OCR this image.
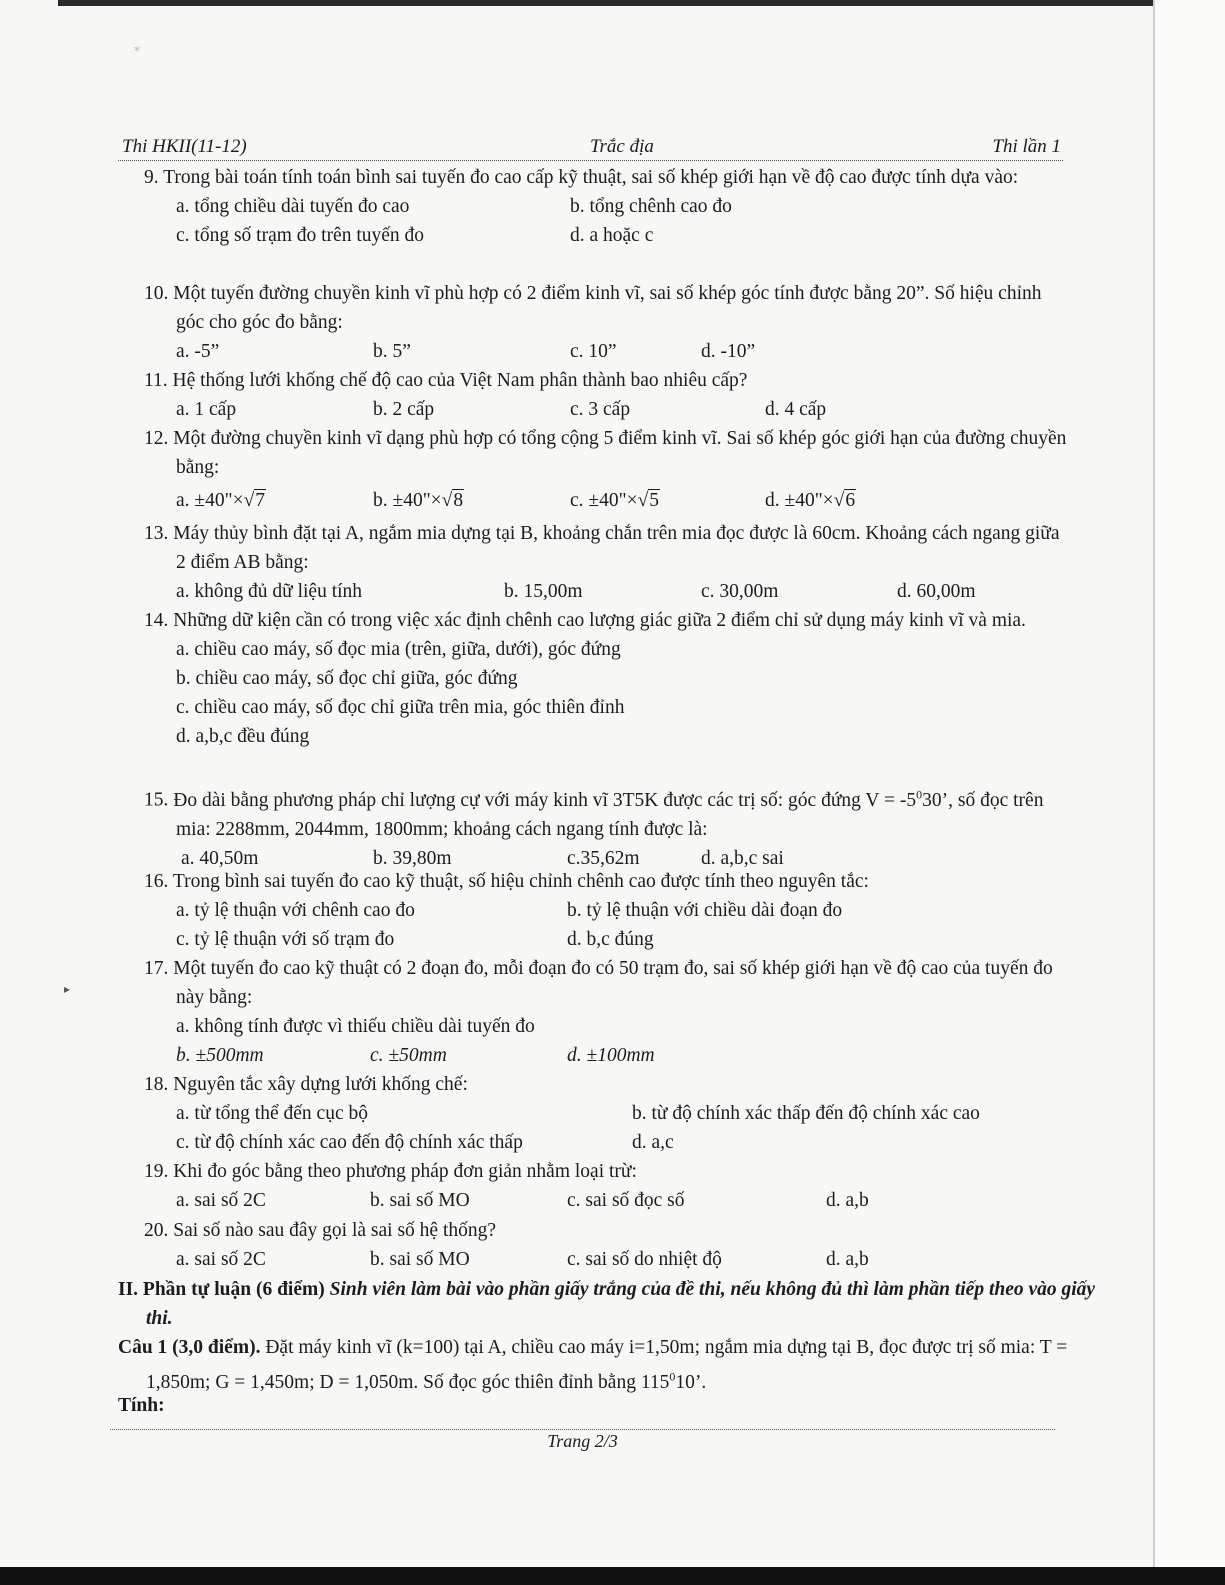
⁎
▸
Thi HKII(11-12)	Trắc địa	Thi lần 1
9. Trong bài toán tính toán bình sai tuyến đo cao cấp kỹ thuật, sai số khép giới hạn về độ cao được tính dựa vào:
a. tổng chiều dài tuyến đo cao	b. tổng chênh cao đo
c. tổng số trạm đo trên tuyến đo	d. a hoặc c
10. Một tuyến đường chuyền kinh vĩ phù hợp có 2 điểm kinh vĩ, sai số khép góc tính được bằng 20”. Số hiệu chỉnh góc cho góc đo bằng:
a. -5”	b. 5”	c. 10”	d. -10”
11. Hệ thống lưới khống chế độ cao của Việt Nam phân thành bao nhiêu cấp?
a. 1 cấp	b. 2 cấp	c. 3 cấp	d. 4 cấp
12. Một đường chuyền kinh vĩ dạng phù hợp có tổng cộng 5 điểm kinh vĩ. Sai số khép góc giới hạn của đường chuyền bằng:
a. ±40"×√7	b. ±40"×√8	c. ±40"×√5	d. ±40"×√6
13. Máy thủy bình đặt tại A, ngắm mia dựng tại B, khoảng chắn trên mia đọc được là 60cm. Khoảng cách ngang giữa 2 điểm AB bằng:
a. không đủ dữ liệu tính	b. 15,00m	c. 30,00m	d. 60,00m
14. Những dữ kiện cần có trong việc xác định chênh cao lượng giác giữa 2 điểm chỉ sử dụng máy kinh vĩ và mia.
a. chiều cao máy, số đọc mia (trên, giữa, dưới), góc đứng
b. chiều cao máy, số đọc chỉ giữa, góc đứng
c. chiều cao máy, số đọc chỉ giữa trên mia, góc thiên đỉnh
d. a,b,c đều đúng
15. Đo dài bằng phương pháp chỉ lượng cự với máy kinh vĩ 3T5K được các trị số: góc đứng $V = -5^030$’, số đọc trên mia: 2288mm, 2044mm, 1800mm; khoảng cách ngang tính được là:
a. 40,50m	b. 39,80m	c.35,62m	d. a,b,c sai
16. Trong bình sai tuyến đo cao kỹ thuật, số hiệu chỉnh chênh cao được tính theo nguyên tắc:
a. tỷ lệ thuận với chênh cao đo	b. tỷ lệ thuận với chiều dài đoạn đo
c. tỷ lệ thuận với số trạm đo	d. b,c đúng
17. Một tuyến đo cao kỹ thuật có 2 đoạn đo, mỗi đoạn đo có 50 trạm đo, sai số khép giới hạn về độ cao của tuyến đo này bằng:
a. không tính được vì thiếu chiều dài tuyến đo
b. ±500mm	c. ±50mm	d. ±100mm
18. Nguyên tắc xây dựng lưới khống chế:
a. từ tổng thể đến cục bộ	b. từ độ chính xác thấp đến độ chính xác cao
c. từ độ chính xác cao đến độ chính xác thấp	d. a,c
19. Khi đo góc bằng theo phương pháp đơn giản nhằm loại trừ:
a. sai số 2C	b. sai số MO	c. sai số đọc số	d. a,b
20. Sai số nào sau đây gọi là sai số hệ thống?
a. sai số 2C	b. sai số MO	c. sai số do nhiệt độ	d. a,b
II. Phần tự luận (6 điểm) Sinh viên làm bài vào phần giấy trắng của đề thi, nếu không đủ thì làm phần tiếp theo vào giấy thi.
Câu 1 (3,0 điểm). Đặt máy kinh vĩ (k=100) tại A, chiều cao máy i=1,50m; ngắm mia dựng tại B, đọc được trị số mia: T = 1,850m; G = 1,450m; D = 1,050m. Số đọc góc thiên đỉnh bằng $115^010$’.
Tính:
Trang 2/3
